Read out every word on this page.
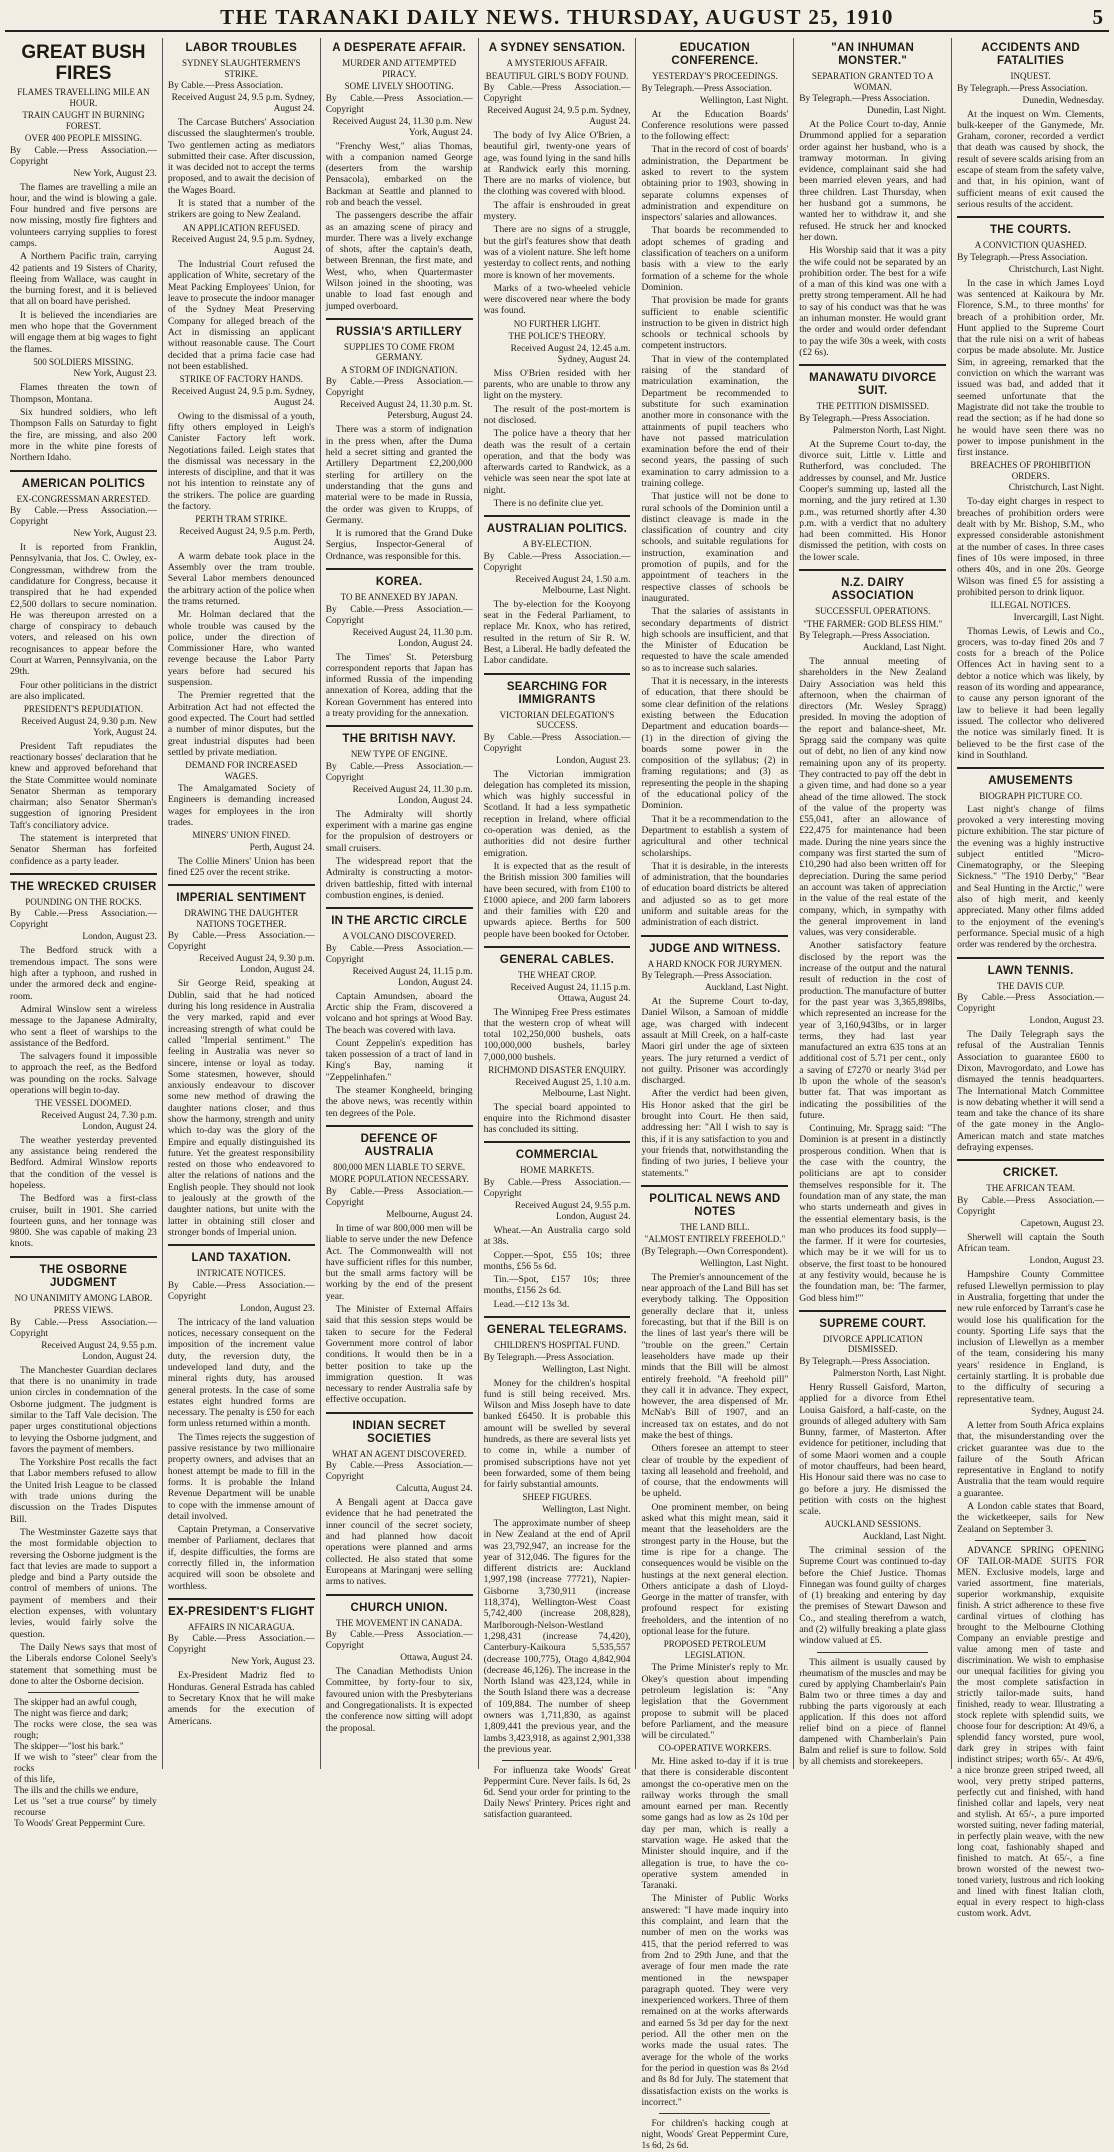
THE TARANAKI DAILY NEWS. THURSDAY, AUGUST 25, 1910	5
GREAT BUSH FIRES
FLAMES TRAVELLING MILE AN HOUR.
TRAIN CAUGHT IN BURNING FOREST.
OVER 400 PEOPLE MISSING.
By Cable.—Press Association.—Copyright
New York, August 23.

The flames are travelling a mile an hour, and the wind is blowing a gale. Four hundred and five persons are now missing, mostly fire fighters and volunteers carrying supplies to forest camps.

A Northern Pacific train, carrying 42 patients and 19 Sisters of Charity, fleeing from Wallace, was caught in the burning forest, and it is believed that all on board have perished.

It is believed the incendiaries are men who hope that the Government will engage them at big wages to fight the flames.

500 SOLDIERS MISSING.
New York, August 23.

Flames threaten the town of Thompson, Montana.

Six hundred soldiers, who left Thompson Falls on Saturday to fight the fire, are missing, and also 200 more in the white pine forests of Northern Idaho.

AMERICAN POLITICS
EX-CONGRESSMAN ARRESTED.
By Cable.—Press Association.—Copyright
New York, August 23.

It is reported from Franklin, Pennsylvania, that Jos. C. Owley, ex-Congressman, withdrew from the candidature for Congress, because it transpired that he had expended £2,500 dollars to secure nomination. He was thereupon arrested on a charge of conspiracy to debauch voters, and released on his own recognisances to appear before the Court at Warren, Pennsylvania, on the 29th.

Four other politicians in the district are also implicated.

PRESIDENT'S REPUDIATION.
Received August 24, 9.30 p.m. New York, August 24.

President Taft repudiates the reactionary bosses' declaration that he knew and approved beforehand that the State Committee would nominate Senator Sherman as temporary chairman; also Senator Sherman's suggestion of ignoring President Taft's conciliatory advice.

The statement is interpreted that Senator Sherman has forfeited confidence as a party leader.

THE WRECKED CRUISER
POUNDING ON THE ROCKS.
By Cable.—Press Association.—Copyright
London, August 23.

The Bedford struck with a tremendous impact. The sons were high after a typhoon, and rushed in under the armored deck and engine-room.

Admiral Winslow sent a wireless message to the Japanese Admiralty, who sent a fleet of warships to the assistance of the Bedford.

The salvagers found it impossible to approach the reef, as the Bedford was pounding on the rocks. Salvage operations will begin to-day.

THE VESSEL DOOMED.
Received August 24, 7.30 p.m. London, August 24.

The weather yesterday prevented any assistance being rendered the Bedford. Admiral Winslow reports that the condition of the vessel is hopeless.

The Bedford was a first-class cruiser, built in 1901. She carried fourteen guns, and her tonnage was 9800. She was capable of making 23 knots.

THE OSBORNE JUDGMENT
NO UNANIMITY AMONG LABOR.
PRESS VIEWS.
By Cable.—Press Association.—Copyright
Received August 24, 9.55 p.m. London, August 24.

The Manchester Guardian declares that there is no unanimity in trade union circles in condemnation of the Osborne judgment. The judgment is similar to the Taff Vale decision. The paper urges constitutional objections to levying the Osborne judgment, and favors the payment of members.

The Yorkshire Post recalls the fact that Labor members refused to allow the United Irish League to be classed with trade unions during the discussion on the Trades Disputes Bill.

The Westminster Gazette says that the most formidable objection to reversing the Osborne judgment is the fact that levies are made to support a pledge and bind a Party outside the control of members of unions. The payment of members and their election expenses, with voluntary levies, would fairly solve the question.

The Daily News says that most of the Liberals endorse Colonel Seely's statement that something must be done to alter the Osborne decision.

The skipper had an awful cough,
The night was fierce and dark;
The rocks were close, the sea was rough;
The skipper—"lost his bark."
If we wish to "steer" clear from the rocks
of this life,
The ills and the chills we endure,
Let us "set a true course" by timely recourse
To Woods' Great Peppermint Cure.
LABOR TROUBLES
SYDNEY SLAUGHTERMEN'S STRIKE.
By Cable.—Press Association.
Received August 24, 9.5 p.m. Sydney, August 24.

The Carcase Butchers' Association discussed the slaughtermen's trouble. Two gentlemen acting as mediators submitted their case. After discussion, it was decided not to accept the terms proposed, and to await the decision of the Wages Board.

It is stated that a number of the strikers are going to New Zealand.

AN APPLICATION REFUSED.
Received August 24, 9.5 p.m. Sydney, August 24.

The Industrial Court refused the application of White, secretary of the Meat Packing Employees' Union, for leave to prosecute the indoor manager of the Sydney Meat Preserving Company for alleged breach of the Act in dismissing an applicant without reasonable cause. The Court decided that a prima facie case had not been established.

STRIKE OF FACTORY HANDS.
Received August 24, 9.5 p.m. Sydney, August 24.

Owing to the dismissal of a youth, fifty others employed in Leigh's Canister Factory left work. Negotiations failed. Leigh states that the dismissal was necessary in the interests of discipline, and that it was not his intention to reinstate any of the strikers. The police are guarding the factory.

PERTH TRAM STRIKE.
Received August 24, 9.5 p.m. Perth, August 24.

A warm debate took place in the Assembly over the tram trouble. Several Labor members denounced the arbitrary action of the police when the trams returned.

Mr. Holman declared that the whole trouble was caused by the police, under the direction of Commissioner Hare, who wanted revenge because the Labor Party years before had secured his suspension.

The Premier regretted that the Arbitration Act had not effected the good expected. The Court had settled a number of minor disputes, but the great industrial disputes had been settled by private mediation.

DEMAND FOR INCREASED WAGES.

The Amalgamated Society of Engineers is demanding increased wages for employees in the iron trades.

MINERS' UNION FINED.
Perth, August 24.

The Collie Miners' Union has been fined £25 over the recent strike.

IMPERIAL SENTIMENT
DRAWING THE DAUGHTER NATIONS TOGETHER.
By Cable.—Press Association.—Copyright
Received August 24, 9.30 p.m. London, August 24.

Sir George Reid, speaking at Dublin, said that he had noticed during his long residence in Australia the very marked, rapid and ever increasing strength of what could be called "Imperial sentiment." The feeling in Australia was never so sincere, intense or loyal as today. Some statesmen, however, should anxiously endeavour to discover some new method of drawing the daughter nations closer, and thus show the harmony, strength and unity which to-day was the glory of the Empire and equally distinguished its future. Yet the greatest responsibility rested on those who endeavored to alter the relations of nations and the English people. They should not look to jealously at the growth of the daughter nations, but unite with the latter in obtaining still closer and stronger bonds of Imperial union.

LAND TAXATION.
INTRICATE NOTICES.
By Cable.—Press Association.—Copyright
London, August 23.

The intricacy of the land valuation notices, necessary consequent on the imposition of the increment value duty, the reversion duty, the undeveloped land duty, and the mineral rights duty, has aroused general protests. In the case of some estates eight hundred forms are necessary. The penalty is £50 for each form unless returned within a month.

The Times rejects the suggestion of passive resistance by two millionaire property owners, and advises that an honest attempt be made to fill in the forms. It is probable the Inland Revenue Department will be unable to cope with the immense amount of detail involved.

Captain Pretyman, a Conservative member of Parliament, declares that if, despite difficulties, the forms are correctly filled in, the information acquired will soon be obsolete and worthless.

EX-PRESIDENT'S FLIGHT
AFFAIRS IN NICARAGUA.
By Cable.—Press Association.—Copyright
New York, August 23.

Ex-President Madriz fled to Honduras. General Estrada has cabled to Secretary Knox that he will make amends for the execution of Americans.

A DESPERATE AFFAIR.
MURDER AND ATTEMPTED PIRACY.
SOME LIVELY SHOOTING.
By Cable.—Press Association.—Copyright
Received August 24, 11.30 p.m. New York, August 24.

"Frenchy West," alias Thomas, with a companion named George (deserters from the warship Pensacola), embarked on the Backman at Seattle and planned to rob and beach the vessel.

The passengers describe the affair as an amazing scene of piracy and murder. There was a lively exchange of shots, after the captain's death, between Brennan, the first mate, and West, who, when Quartermaster Wilson joined in the shooting, was unable to load fast enough and jumped overboard.

RUSSIA'S ARTILLERY
SUPPLIES TO COME FROM GERMANY.
A STORM OF INDIGNATION.
By Cable.—Press Association.—Copyright
Received August 24, 11.30 p.m. St. Petersburg, August 24.

There was a storm of indignation in the press when, after the Duma held a secret sitting and granted the Artillery Department £2,200,000 sterling for artillery on the understanding that the guns and material were to be made in Russia, the order was given to Krupps, of Germany.

It is rumored that the Grand Duke Sergius, Inspector-General of Ordnance, was responsible for this.

KOREA.
TO BE ANNEXED BY JAPAN.
By Cable.—Press Association.—Copyright
Received August 24, 11.30 p.m. London, August 24.

The Times' St. Petersburg correspondent reports that Japan has informed Russia of the impending annexation of Korea, adding that the Korean Government has entered into a treaty providing for the annexation.

THE BRITISH NAVY.
NEW TYPE OF ENGINE.
By Cable.—Press Association.—Copyright
Received August 24, 11.30 p.m. London, August 24.

The Admiralty will shortly experiment with a marine gas engine for the propulsion of destroyers or small cruisers.

The widespread report that the Admiralty is constructing a motor-driven battleship, fitted with internal combustion engines, is denied.

IN THE ARCTIC CIRCLE
A VOLCANO DISCOVERED.
By Cable.—Press Association.—Copyright
Received August 24, 11.15 p.m. London, August 24.

Captain Amundsen, aboard the Arctic ship the Fram, discovered a volcano and hot springs at Wood Bay. The beach was covered with lava.

Count Zeppelin's expedition has taken possession of a tract of land in King's Bay, naming it "Zeppelinhafen."

The steamer Kongheeld, bringing the above news, was recently within ten degrees of the Pole.

DEFENCE OF AUSTRALIA
800,000 MEN LIABLE TO SERVE.
MORE POPULATION NECESSARY.
By Cable.—Press Association.—Copyright
Melbourne, August 24.

In time of war 800,000 men will be liable to serve under the new Defence Act. The Commonwealth will not have sufficient rifles for this number, but the small arms factory will be working by the end of the present year.

The Minister of External Affairs said that this session steps would be taken to secure for the Federal Government more control of labor conditions. It would then be in a better position to take up the immigration question. It was necessary to render Australia safe by effective occupation.

INDIAN SECRET SOCIETIES
WHAT AN AGENT DISCOVERED.
By Cable.—Press Association.—Copyright
Calcutta, August 24.

A Bengali agent at Dacca gave evidence that he had penetrated the inner council of the secret society, and had planned how dacoit operations were planned and arms collected. He also stated that some Europeans at Maringanj were selling arms to natives.

CHURCH UNION.
THE MOVEMENT IN CANADA.
By Cable.—Press Association.—Copyright
Ottawa, August 24.

The Canadian Methodists Union Committee, by forty-four to six, favoured union with the Presbyterians and Congregationalists. It is expected the conference now sitting will adopt the proposal.

A SYDNEY SENSATION.
A MYSTERIOUS AFFAIR.
BEAUTIFUL GIRL'S BODY FOUND.
By Cable.—Press Association.—Copyright
Received August 24, 9.5 p.m. Sydney, August 24.

The body of Ivy Alice O'Brien, a beautiful girl, twenty-one years of age, was found lying in the sand hills at Randwick early this morning. There are no marks of violence, but the clothing was covered with blood.

The affair is enshrouded in great mystery.

There are no signs of a struggle, but the girl's features show that death was of a violent nature. She left home yesterday to collect rents, and nothing more is known of her movements.

Marks of a two-wheeled vehicle were discovered near where the body was found.

NO FURTHER LIGHT.
THE POLICE'S THEORY.
Received August 24, 12.45 a.m. Sydney, August 24.

Miss O'Brien resided with her parents, who are unable to throw any light on the mystery.

The result of the post-mortem is not disclosed.

The police have a theory that her death was the result of a certain operation, and that the body was afterwards carted to Randwick, as a vehicle was seen near the spot late at night.

There is no definite clue yet.

AUSTRALIAN POLITICS.
A BY-ELECTION.
By Cable.—Press Association.—Copyright
Received August 24, 1.50 a.m. Melbourne, Last Night.

The by-election for the Kooyong seat in the Federal Parliament, to replace Mr. Knox, who has retired, resulted in the return of Sir R. W. Best, a Liberal. He badly defeated the Labor candidate.

SEARCHING FOR IMMIGRANTS
VICTORIAN DELEGATION'S SUCCESS.
By Cable.—Press Association.—Copyright
London, August 23.

The Victorian immigration delegation has completed its mission, which was highly successful in Scotland. It had a less sympathetic reception in Ireland, where official co-operation was denied, as the authorities did not desire further emigration.

It is expected that as the result of the British mission 300 families will have been secured, with from £100 to £1000 apiece, and 200 farm laborers and their families with £20 and upwards apiece. Berths for 500 people have been booked for October.

GENERAL CABLES.
THE WHEAT CROP.
Received August 24, 11.15 p.m. Ottawa, August 24.

The Winnipeg Free Press estimates that the western crop of wheat will total 102,250,000 bushels, oats 100,000,000 bushels, barley 7,000,000 bushels.

RICHMOND DISASTER ENQUIRY.
Received August 25, 1.10 a.m. Melbourne, Last Night.

The special board appointed to enquire into the Richmond disaster has concluded its sitting.

COMMERCIAL
HOME MARKETS.
By Cable.—Press Association.—Copyright
Received August 24, 9.55 p.m. London, August 24.

Wheat.—An Australia cargo sold at 38s.

Copper.—Spot, £55 10s; three months, £56 5s 6d.

Tin.—Spot, £157 10s; three months, £156 2s 6d.

Lead.—£12 13s 3d.

GENERAL TELEGRAMS.
CHILDREN'S HOSPITAL FUND.
By Telegraph.—Press Association.
Wellington, Last Night.

Money for the children's hospital fund is still being received. Mrs. Wilson and Miss Joseph have to date banked £6450. It is probable this amount will be swelled by several hundreds, as there are several lists yet to come in, while a number of promised subscriptions have not yet been forwarded, some of them being for fairly substantial amounts.

SHEEP FIGURES.
Wellington, Last Night.

The approximate number of sheep in New Zealand at the end of April was 23,792,947, an increase for the year of 312,046. The figures for the different districts are: Auckland 1,997,198 (increase 77721), Napier-Gisborne 3,730,911 (increase 118,374), Wellington-West Coast 5,742,400 (increase 208,828), Marlborough-Nelson-Westland 1,298,431 (increase 74,420), Canterbury-Kaikoura 5,535,557 (decrease 100,775), Otago 4,842,904 (decrease 46,126). The increase in the North Island was 423,124, while in the South Island there was a decrease of 109,884. The number of sheep owners was 1,711,830, as against 1,809,441 the previous year, and the lambs 3,423,918, as against 2,901,338 the previous year.

For influenza take Woods' Great Peppermint Cure. Never fails. Is 6d, 2s 6d. Send your order for printing to the Daily News' Printery. Prices right and satisfaction guaranteed.

EDUCATION CONFERENCE.
YESTERDAY'S PROCEEDINGS.
By Telegraph.—Press Association.
Wellington, Last Night.

At the Education Boards' Conference resolutions were passed to the following effect:

That in the record of cost of boards' administration, the Department be asked to revert to the system obtaining prior to 1903, showing in separate columns expenses of administration and expenditure on inspectors' salaries and allowances.

That boards be recommended to adopt schemes of grading and classification of teachers on a uniform basis with a view to the early formation of a scheme for the whole Dominion.

That provision be made for grants sufficient to enable scientific instruction to be given in district high schools or technical schools by competent instructors.

That in view of the contemplated raising of the standard of matriculation examination, the Department be recommended to substitute for such examination another more in consonance with the attainments of pupil teachers who have not passed matriculation examination before the end of their second years, the passing of such examination to carry admission to a training college.

That justice will not be done to rural schools of the Dominion until a distinct cleavage is made in the classification of country and city schools, and suitable regulations for instruction, examination and promotion of pupils, and for the appointment of teachers in the respective classes of schools be inaugurated.

That the salaries of assistants in secondary departments of district high schools are insufficient, and that the Minister of Education be requested to have the scale amended so as to increase such salaries.

That it is necessary, in the interests of education, that there should be some clear definition of the relations existing between the Education Department and education boards—(1) in the direction of giving the boards some power in the composition of the syllabus; (2) in framing regulations; and (3) as representing the people in the shaping of the educational policy of the Dominion.

That it be a recommendation to the Department to establish a system of agricultural and other technical scholarships.

That it is desirable, in the interests of administration, that the boundaries of education board districts be altered and adjusted so as to get more uniform and suitable areas for the administration of each district.

JUDGE AND WITNESS.
A HARD KNOCK FOR JURYMEN.
By Telegraph.—Press Association.
Auckland, Last Night.

At the Supreme Court to-day, Daniel Wilson, a Samoan of middle age, was charged with indecent assault at Mill Creek, on a half-caste Maori girl under the age of sixteen years. The jury returned a verdict of not guilty. Prisoner was accordingly discharged.

After the verdict had been given, His Honor asked that the girl be brought into Court. He then said, addressing her: "All I wish to say is this, if it is any satisfaction to you and your friends that, notwithstanding the finding of two juries, I believe your statements."

POLITICAL NEWS AND NOTES
THE LAND BILL.
"ALMOST ENTIRELY FREEHOLD."
(By Telegraph.—Own Correspondent).
Wellington, Last Night.

The Premier's announcement of the near approach of the Land Bill has set everybody talking. The Opposition generally declare that it, unless forecasting, but that if the Bill is on the lines of last year's there will be "trouble on the green." Certain leaseholders have made up their minds that the Bill will be almost entirely freehold. "A freehold pill" they call it in advance. They expect, however, the area dispensed of Mr. McNab's Bill of 1907, and an increased tax on estates, and do not make the best of things.

Others foresee an attempt to steer clear of trouble by the expedient of taxing all leasehold and freehold, and of course, that the endowments will be upheld.

One prominent member, on being asked what this might mean, said it meant that the leaseholders are the strongest party in the House, but the time is ripe for a change. The consequences would be visible on the hustings at the next general election. Others anticipate a dash of Lloyd-George in the matter of transfer, with profound respect for existing freeholders, and the intention of no optional lease for the future.

PROPOSED PETROLEUM LEGISLATION.

The Prime Minister's reply to Mr. Okey's question about impending petroleum legislation is: "Any legislation that the Government propose to submit will be placed before Parliament, and the measure will be circulated."

CO-OPERATIVE WORKERS.

Mr. Hine asked to-day if it is true that there is considerable discontent amongst the co-operative men on the railway works through the small amount earned per man. Recently some gangs had as low as 2s 10d per day per man, which is really a starvation wage. He asked that the Minister should inquire, and if the allegation is true, to have the co-operative system amended in Taranaki.

The Minister of Public Works answered: "I have made inquiry into this complaint, and learn that the number of men on the works was 415, that the period referred to was from 2nd to 29th June, and that the average of four men made the rate mentioned in the newspaper paragraph quoted. They were very inexperienced workers. Three of them remained on at the works afterwards and earned 5s 3d per day for the next period. All the other men on the works made the usual rates. The average for the whole of the works for the period in question was 8s 2½d and 8s 8d for July. The statement that dissatisfaction exists on the works is incorrect."

For children's hacking cough at night, Woods' Great Peppermint Cure, 1s 6d, 2s 6d.

"AN INHUMAN MONSTER."
SEPARATION GRANTED TO A WOMAN.
By Telegraph.—Press Association.
Dunedin, Last Night.

At the Police Court to-day, Annie Drummond applied for a separation order against her husband, who is a tramway motorman. In giving evidence, complainant said she had been married eleven years, and had three children. Last Thursday, when her husband got a summons, he wanted her to withdraw it, and she refused. He struck her and knocked her down.

His Worship said that it was a pity the wife could not be separated by an prohibition order. The best for a wife of a man of this kind was one with a pretty strong temperament. All he had to say of his conduct was that he was an inhuman monster. He would grant the order and would order defendant to pay the wife 30s a week, with costs (£2 6s).

MANAWATU DIVORCE SUIT.
THE PETITION DISMISSED.
By Telegraph.—Press Association.
Palmerston North, Last Night.

At the Supreme Court to-day, the divorce suit, Little v. Little and Rutherford, was concluded. The addresses by counsel, and Mr. Justice Cooper's summing up, lasted all the morning, and the jury retired at 1.30 p.m., was returned shortly after 4.30 p.m. with a verdict that no adultery had been committed. His Honor dismissed the petition, with costs on the lower scale.

N.Z. DAIRY ASSOCIATION
SUCCESSFUL OPERATIONS.
"THE FARMER: GOD BLESS HIM."
By Telegraph.—Press Association.
Auckland, Last Night.

The annual meeting of shareholders in the New Zealand Dairy Association was held this afternoon, when the chairman of directors (Mr. Wesley Spragg) presided. In moving the adoption of the report and balance-sheet, Mr. Spragg said the company was quite out of debt, no lien of any kind now remaining upon any of its property. They contracted to pay off the debt in a given time, and had done so a year ahead of the time allowed. The stock of the value of the property was £55,041, after an allowance of £22,475 for maintenance had been made. During the nine years since the company was first started the sum of £10,290 had also been written off for depreciation. During the same period an account was taken of appreciation in the value of the real estate of the company, which, in sympathy with the general improvement in land values, was very considerable.

Another satisfactory feature disclosed by the report was the increase of the output and the natural result of reduction in the cost of production. The manufacture of butter for the past year was 3,365,898lbs, which represented an increase for the year of 3,160,943lbs, or in larger terms, they had last year manufactured an extra 635 tons at an additional cost of 5.71 per cent., only a saving of £7270 or nearly 3¼d per lb upon the whole of the season's butter fat. That was important as indicating the possibilities of the future.

Continuing, Mr. Spragg said: "The Dominion is at present in a distinctly prosperous condition. When that is the case with the country, the politicians are apt to consider themselves responsible for it. The foundation man of any state, the man who starts underneath and gives in the essential elementary basis, is the man who produces its food supply—the farmer. If it were for courtesies, which may be it we will for us to observe, the first toast to be honoured at any festivity would, because he is the foundation man, be: 'The farmer, God bless him!'"

SUPREME COURT.
DIVORCE APPLICATION DISMISSED.
By Telegraph.—Press Association.
Palmerston North, Last Night.

Henry Russell Gaisford, Marton, applied for a divorce from Ethel Louisa Gaisford, a half-caste, on the grounds of alleged adultery with Sam Bunny, farmer, of Masterton. After evidence for petitioner, including that of some Maori women and a couple of motor chauffeurs, had been heard, His Honour said there was no case to go before a jury. He dismissed the petition with costs on the highest scale.

AUCKLAND SESSIONS.
Auckland, Last Night.

The criminal session of the Supreme Court was continued to-day before the Chief Justice. Thomas Finnegan was found guilty of charges of (1) breaking and entering by day the premises of Stewart Dawson and Co., and stealing therefrom a watch, and (2) wilfully breaking a plate glass window valued at £5.

This ailment is usually caused by rheumatism of the muscles and may be cured by applying Chamberlain's Pain Balm two or three times a day and rubbing the parts vigorously at each application. If this does not afford relief bind on a piece of flannel dampened with Chamberlain's Pain Balm and relief is sure to follow. Sold by all chemists and storekeepers.

ACCIDENTS AND FATALITIES
INQUEST.
By Telegraph.—Press Association.
Dunedin, Wednesday.

At the inquest on Wm. Clements, bulk-keeper of the Ganymede, Mr. Graham, coroner, recorded a verdict that death was caused by shock, the result of severe scalds arising from an escape of steam from the safety valve, and that, in his opinion, want of sufficient means of exit caused the serious results of the accident.

THE COURTS.
A CONVICTION QUASHED.
By Telegraph.—Press Association.
Christchurch, Last Night.

In the case in which James Loyd was sentenced at Kaikoura by Mr. Florence, S.M., to three months' for breach of a prohibition order, Mr. Hunt applied to the Supreme Court that the rule nisi on a writ of habeas corpus be made absolute. Mr. Justice Sim, in agreeing, remarked that the conviction on which the warrant was issued was bad, and added that it seemed unfortunate that the Magistrate did not take the trouble to read the section; as if he had done so he would have seen there was no power to impose punishment in the first instance.

BREACHES OF PROHIBITION ORDERS.
Christchurch, Last Night.

To-day eight charges in respect to breaches of prohibition orders were dealt with by Mr. Bishop, S.M., who expressed considerable astonishment at the number of cases. In three cases fines of 10s were imposed, in three others 40s, and in one 20s. George Wilson was fined £5 for assisting a prohibited person to drink liquor.

ILLEGAL NOTICES.
Invercargill, Last Night.

Thomas Lewis, of Lewis and Co., grocers, was to-day fined 20s and 7 costs for a breach of the Police Offences Act in having sent to a debtor a notice which was likely, by reason of its wording and appearance, to cause any person ignorant of the law to believe it had been legally issued. The collector who delivered the notice was similarly fined. It is believed to be the first case of the kind in Southland.

AMUSEMENTS
BIOGRAPH PICTURE CO.

Last night's change of films provoked a very interesting moving picture exhibition. The star picture of the evening was a highly instructive subject entitled "Micro-Cinematography, or the Sleeping Sickness." "The 1910 Derby," "Bear and Seal Hunting in the Arctic," were also of high merit, and keenly appreciated. Many other films added to the enjoyment of the evening's performance. Special music of a high order was rendered by the orchestra.

LAWN TENNIS.
THE DAVIS CUP.
By Cable.—Press Association.—Copyright
London, August 23.

The Daily Telegraph says the refusal of the Australian Tennis Association to guarantee £600 to Dixon, Mavrogordato, and Lowe has dismayed the tennis headquarters. The International Match Committee is now debating whether it will send a team and take the chance of its share of the gate money in the Anglo-American match and state matches defraying expenses.

CRICKET.
THE AFRICAN TEAM.
By Cable.—Press Association.—Copyright
Capetown, August 23.

Sherwell will captain the South African team.

London, August 23.

Hampshire County Committee refused Llewellyn permission to play in Australia, forgetting that under the new rule enforced by Tarrant's case he would lose his qualification for the county. Sporting Life says that the inclusion of Llewellyn as a member of the team, considering his many years' residence in England, is certainly startling. It is probable due to the difficulty of securing a representative team.

Sydney, August 24.

A letter from South Africa explains that, the misunderstanding over the cricket guarantee was due to the failure of the South African representative in England to notify Australia that the team would require a guarantee.

A London cable states that Board, the wicketkeeper, sails for New Zealand on September 3.

ADVANCE SPRING OPENING OF TAILOR-MADE SUITS FOR MEN. Exclusive models, large and varied assortment, fine materials, superior workmanship, exquisite finish. A strict adherence to these five cardinal virtues of clothing has brought to the Melbourne Clothing Company an enviable prestige and value among men of taste and discrimination. We wish to emphasise our unequal facilities for giving you the most complete satisfaction in strictly tailor-made suits, hand finished, ready to wear. Illustrating a stock replete with splendid suits, we choose four for description: At 49/6, a splendid fancy worsted, pure wool, dark grey in stripes with faint indistinct stripes; worth 65/-. At 49/6, a nice bronze green striped tweed, all wool, very pretty striped patterns, perfectly cut and finished, with hand finished collar and lapels, very neat and stylish. At 65/-, a pure imported worsted suiting, never fading material, in perfectly plain weave, with the new long coat, fashionably shaped and finished to match. At 65/-, a fine brown worsted of the newest two-toned variety, lustrous and rich looking and lined with finest Italian cloth, equal in every respect to high-class custom work. Advt.
